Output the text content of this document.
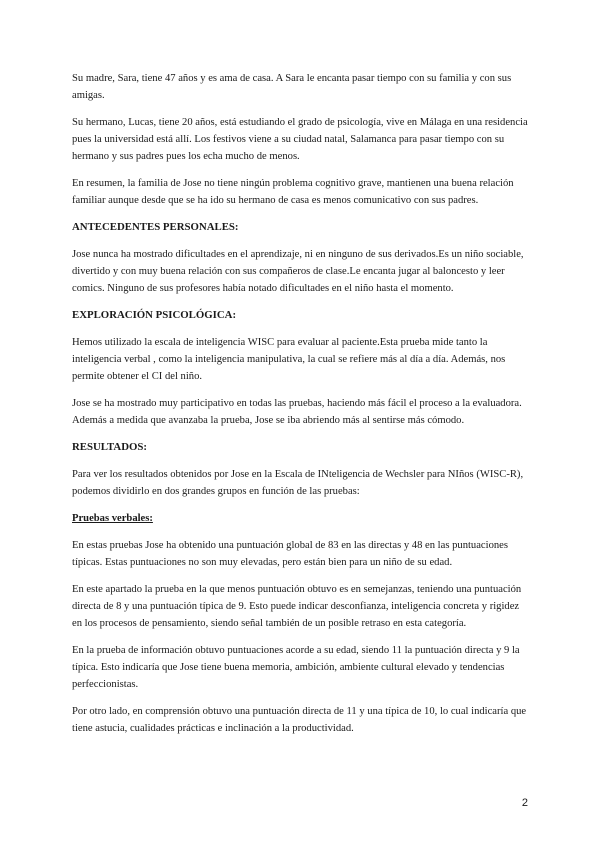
Su madre, Sara, tiene 47 años y es ama de casa. A Sara le encanta pasar tiempo con su familia y con sus amigas.

Su hermano, Lucas, tiene 20 años, está estudiando el grado de psicología, vive en Málaga en una residencia pues la universidad está allí. Los festivos viene a su ciudad natal, Salamanca para pasar tiempo con su hermano y sus padres pues los echa mucho de menos.

En resumen, la familia de Jose no tiene ningún problema cognitivo grave, mantienen una buena relación familiar aunque desde que se ha ido su hermano de casa es menos comunicativo con sus padres.

ANTECEDENTES PERSONALES:

Jose nunca ha mostrado dificultades en el aprendizaje, ni en ninguno de sus derivados.Es un niño sociable, divertido y con muy buena relación con sus compañeros de clase.Le encanta jugar al baloncesto y leer comics. Ninguno de sus profesores había notado dificultades en el niño hasta el momento.

EXPLORACIÓN PSICOLÓGICA:

Hemos utilizado la escala de inteligencia WISC para evaluar al paciente.Esta prueba mide tanto la inteligencia verbal , como la inteligencia manipulativa, la cual se refiere más al día a día. Además, nos permite obtener el CI del niño.

Jose se ha mostrado muy participativo en todas las pruebas, haciendo más fácil el proceso a la evaluadora. Además a medida que avanzaba la prueba, Jose se iba abriendo más al sentirse más cómodo.

RESULTADOS:

Para ver los resultados obtenidos por Jose en la Escala de INteligencia de Wechsler para NIños (WISC-R), podemos dividirlo en dos grandes grupos en función de las pruebas:

Pruebas verbales:

En estas pruebas Jose ha obtenido una puntuación global de 83 en las directas y 48 en las puntuaciones típicas. Estas puntuaciones no son muy elevadas, pero están bien para un niño de su edad.

En este apartado la prueba en la que menos puntuación obtuvo es en semejanzas, teniendo una puntuación directa de 8 y una puntuación típica de 9. Esto puede indicar desconfianza, inteligencia concreta y rigidez en los procesos de pensamiento, siendo señal también de un posible retraso en esta categoría.

En la prueba de información obtuvo puntuaciones acorde a su edad, siendo 11 la puntuación directa y 9 la típica. Esto indicaría que Jose tiene buena memoria, ambición, ambiente cultural elevado y tendencias perfeccionistas.

Por otro lado, en comprensión obtuvo una puntuación directa de 11 y una típica de 10, lo cual indicaría que tiene astucia, cualidades prácticas e inclinación a la productividad.

2
